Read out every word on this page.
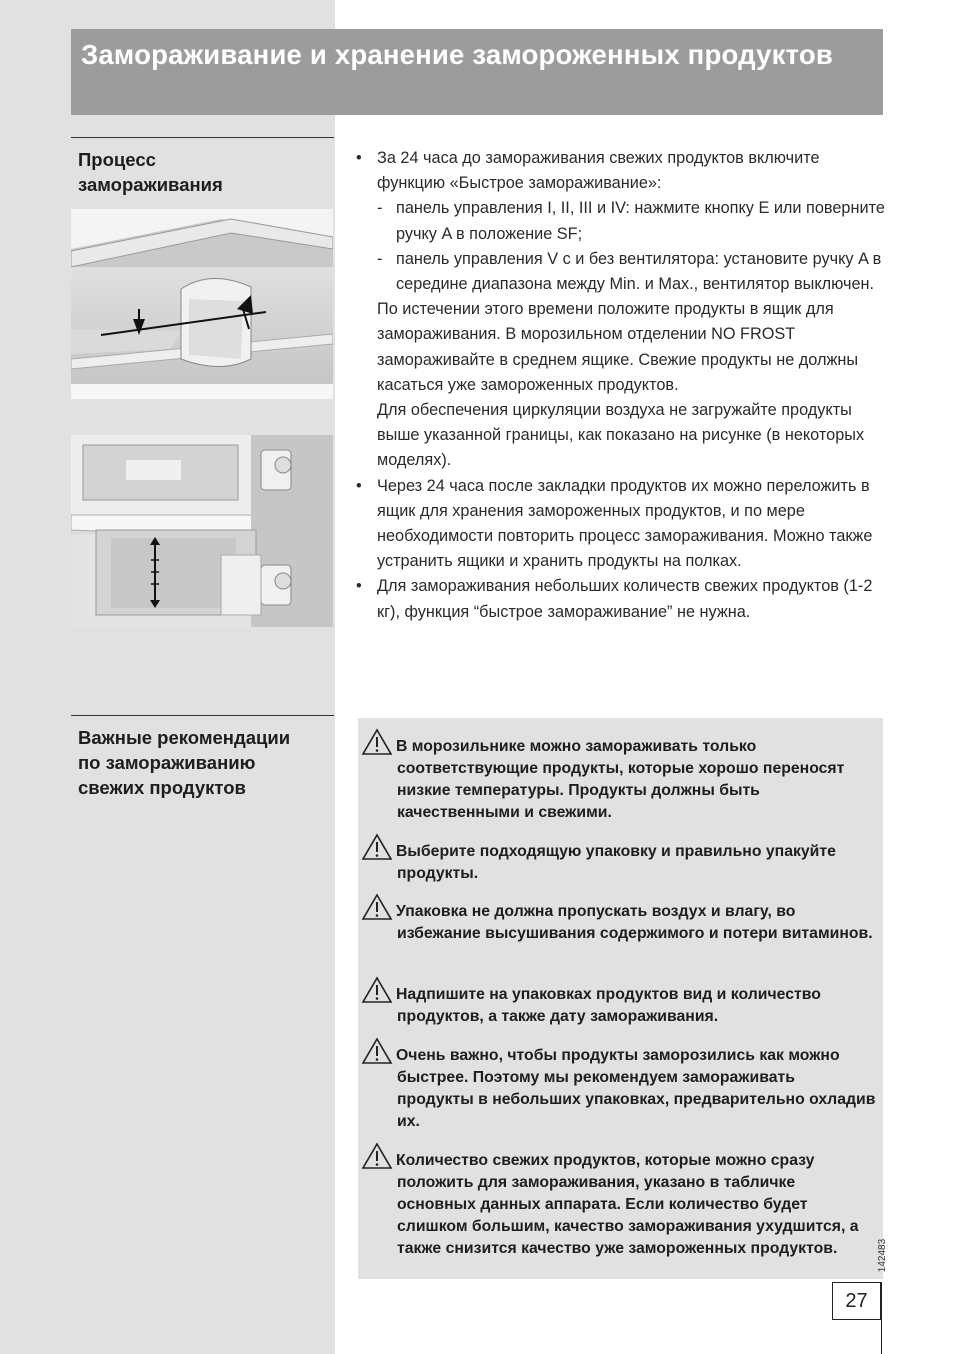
Замораживание и хранение замороженных продуктов
Процесс
замораживания
• За 24 часа до замораживания свежих продуктов включите функцию «Быстрое замораживание»:
- панель управления I, II, III и IV: нажмите кнопку E или поверните ручку A в положение SF;
- панель управления V c и без вентилятора: установите ручку A в середине диапазона между Min. и Max., вентилятор выключен.
По истечении этого времени положите продукты в ящик для замораживания. В морозильном отделении NO FROST замораживайте в среднем ящике. Свежие продукты не должны касаться уже замороженных продуктов.
Для обеспечения циркуляции воздуха не загружайте продукты выше указанной границы, как показано на рисунке (в некоторых моделях).
• Через 24 часа после закладки продуктов их можно переложить в ящик для хранения замороженных продуктов, и по мере необходимости повторить процесс замораживания. Можно также устранить ящики и хранить продукты на полках.
• Для замораживания небольших количеств свежих продуктов (1-2 кг), функция “быстрое замораживание” не нужна.
Важные рекомендации
по замораживанию
свежих продуктов
В морозильнике можно замораживать только соответствующие продукты, которые хорошо переносят низкие температуры. Продукты должны быть качественными и свежими.
Выберите подходящую упаковку и правильно упакуйте продукты.
Упаковка не должна пропускать воздух и влагу, во избежание высушивания содержимого и потери витаминов.
Надпишите на упаковках продуктов вид и количество продуктов, а также дату замораживания.
Очень важно, чтобы продукты заморозились как можно быстрее. Поэтому мы рекомендуем замораживать продукты в небольших упаковках, предварительно охладив их.
Количество свежих продуктов, которые можно сразу положить для замораживания, указано в табличке основных данных аппарата. Если количество будет слишком большим, качество замораживания ухудшится, а также снизится качество уже замороженных продуктов.	142483
27
